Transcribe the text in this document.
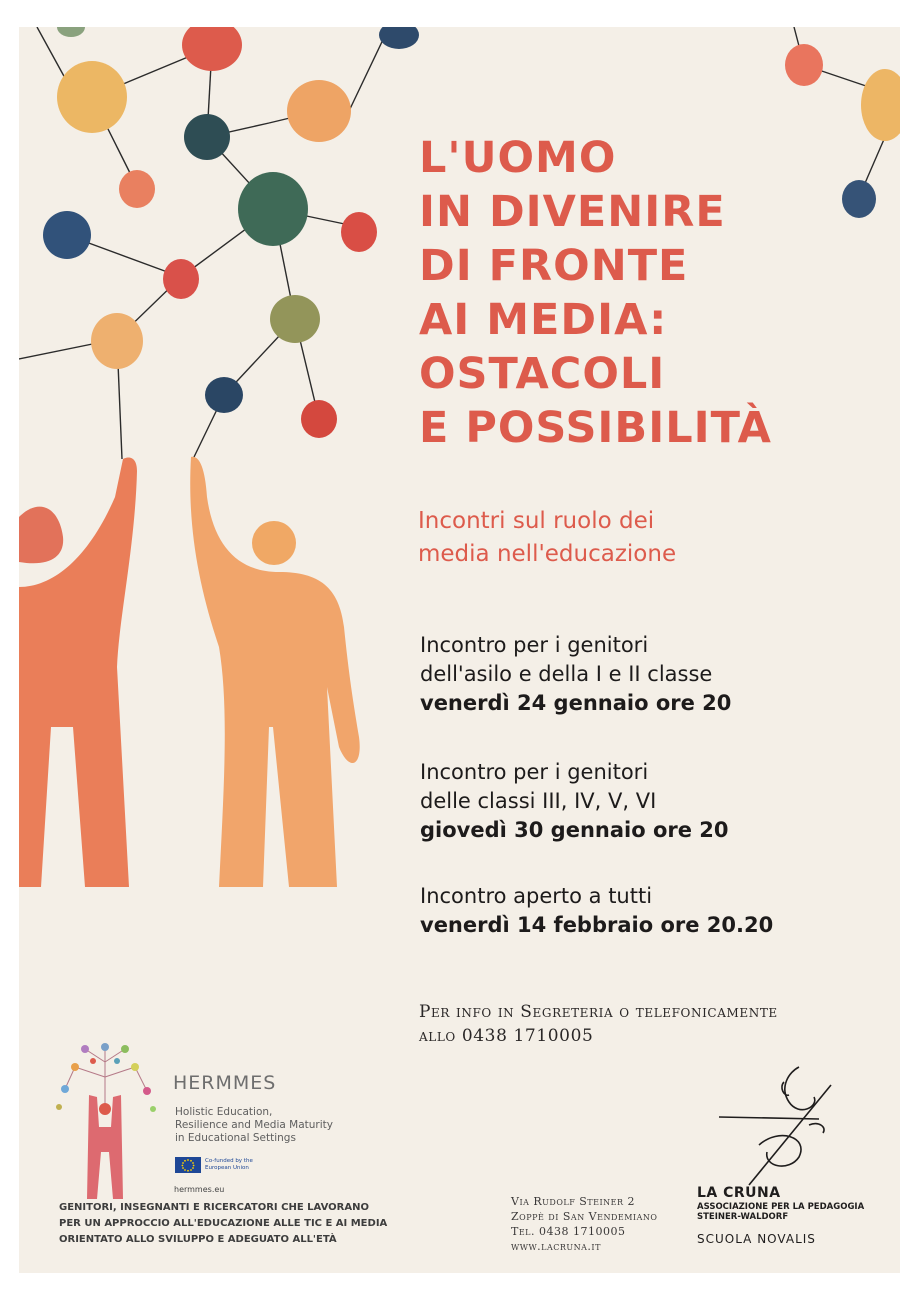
L'UOMO
IN DIVENIRE
DI FRONTE
AI MEDIA:
OSTACOLI
E POSSIBILITÀ
Incontri sul ruolo dei
media nell'educazione
Incontro per i genitori
dell'asilo e della I e II classe
venerdì 24 gennaio ore 20
Incontro per i genitori
delle classi III, IV, V, VI
giovedì 30 gennaio ore 20
Incontro aperto a tutti
venerdì 14 febbraio ore 20.20
Per info in Segreteria o telefonicamente
allo 0438 1710005
HERMMES
Holistic Education,
Resilience and Media Maturity
in Educational Settings
Co-funded by the European Union
hermmes.eu
GENITORI, INSEGNANTI E RICERCATORI CHE LAVORANO
PER UN APPROCCIO ALL'EDUCAZIONE ALLE TIC E AI MEDIA
ORIENTATO ALLO SVILUPPO E ADEGUATO ALL'ETÀ
Via Rudolf Steiner 2
Zoppè di San Vendemiano
Tel. 0438 1710005
www.lacruna.it
LA CRUNA
ASSOCIAZIONE PER LA PEDAGOGIA
STEINER-WALDORF
SCUOLA NOVALIS
